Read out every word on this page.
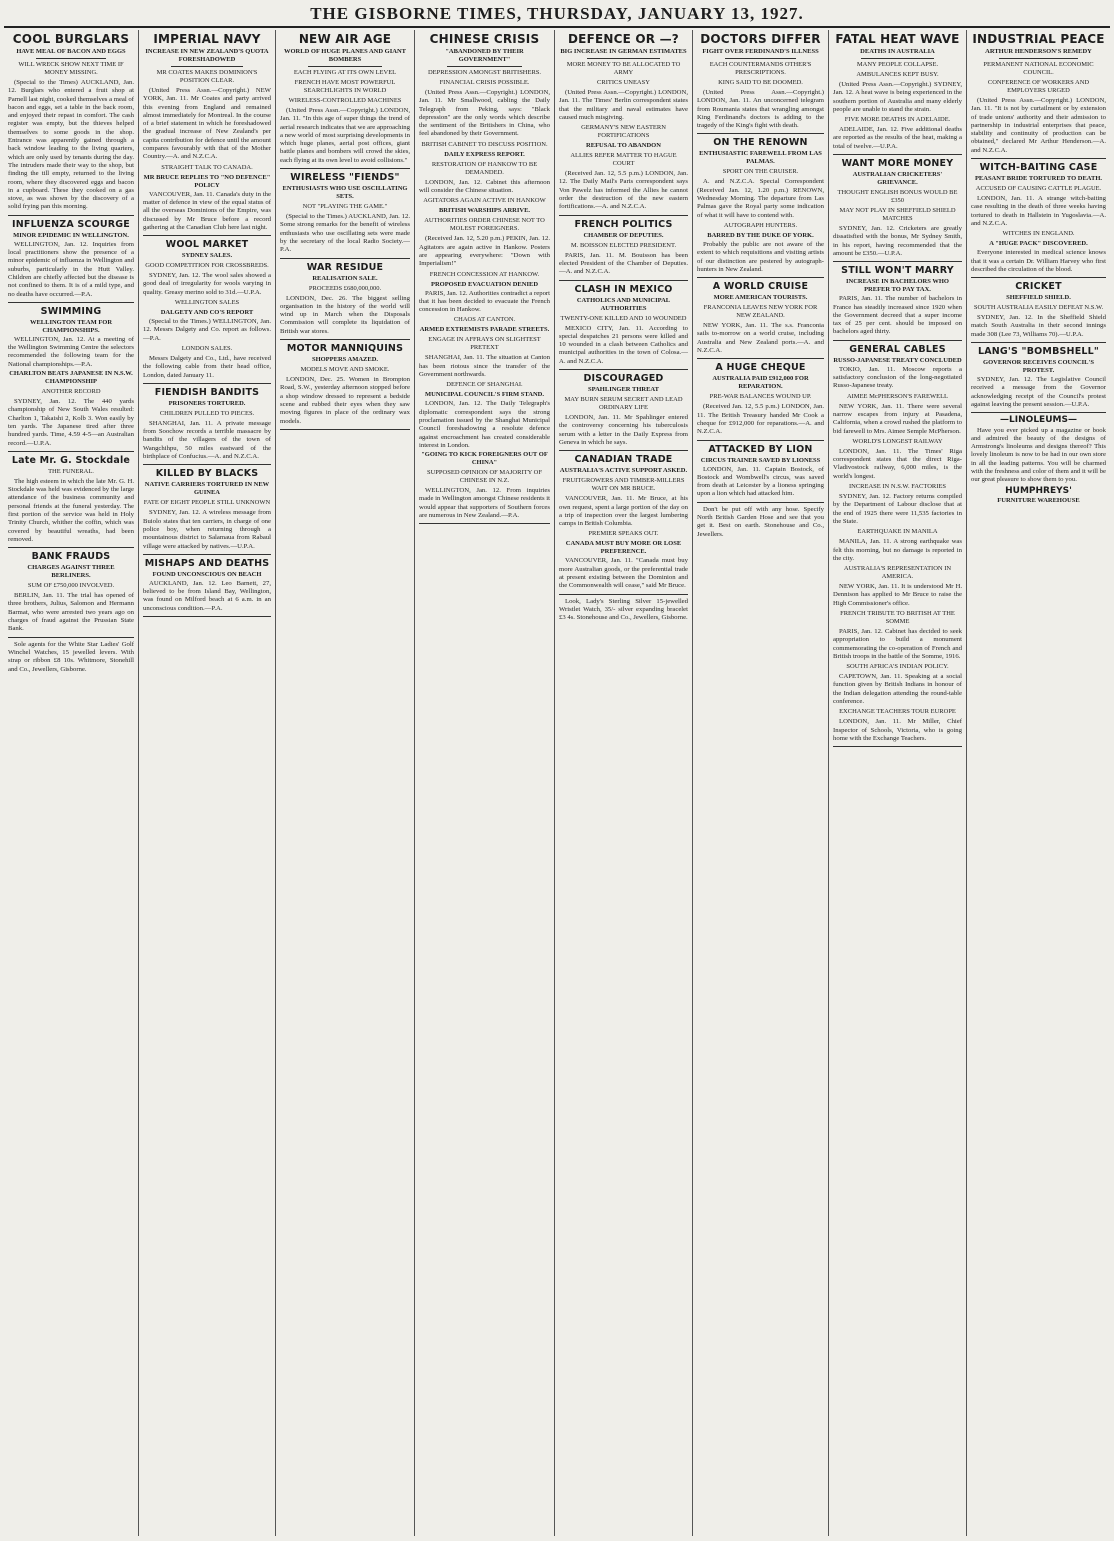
THE GISBORNE TIMES, THURSDAY, JANUARY 13, 1927.
COOL BURGLARS
HAVE MEAL OF BACON AND EGGS
WILL WRECK SHOW NEXT TIME IF MONEY MISSING.

(Special to the Times) AUCKLAND, Jan. 12. Burglars who entered a fruit shop at Parnell last night, cooked themselves a meal of bacon and eggs, set a table in the back room, and enjoyed their repast in comfort. The cash register was empty, but the thieves helped themselves to some goods in the shop. Entrance was apparently gained through a back window leading to the living quarters, which are only used by tenants during the day. The intruders made their way to the shop, but finding the till empty, returned to the living room, where they discovered eggs and bacon in a cupboard. These they cooked on a gas stove, as was shown by the discovery of a solid frying pan this morning.

INFLUENZA SCOURGE
MINOR EPIDEMIC IN WELLINGTON.

WELLINGTON, Jan. 12. Inquiries from local practitioners show the presence of a minor epidemic of influenza in Wellington and suburbs, particularly in the Hutt Valley. Children are chiefly affected but the disease is not confined to them. It is of a mild type, and no deaths have occurred.—P.A.

SWIMMING
WELLINGTON TEAM FOR CHAMPIONSHIPS.

WELLINGTON, Jan. 12. At a meeting of the Wellington Swimming Centre the selectors recommended the following team for the National championships.—P.A.

CHARLTON BEATS JAPANESE IN N.S.W. CHAMPIONSHIP
ANOTHER RECORD

SYDNEY, Jan. 12. The 440 yards championship of New South Wales resulted: Charlton 1, Takaishi 2, Kolb 3. Won easily by ten yards. The Japanese tired after three hundred yards. Time, 4.59 4-5—an Australian record.—U.P.A.

Late Mr. G. Stockdale
THE FUNERAL.

The high esteem in which the late Mr. G. H. Stockdale was held was evidenced by the large attendance of the business community and personal friends at the funeral yesterday. The first portion of the service was held in Holy Trinity Church, whither the coffin, which was covered by beautiful wreaths, had been removed.

BANK FRAUDS
CHARGES AGAINST THREE BERLINERS.
SUM OF £750,000 INVOLVED.

BERLIN, Jan. 11. The trial has opened of three brothers, Julius, Salomon and Hermann Barmat, who were arrested two years ago on charges of fraud against the Prussian State Bank.

Sole agents for the White Star Ladies' Golf Winchel Watches, 15 jewelled levers. With strap or ribbon £8 10s. Whitmore, Stonehill and Co., Jewellers, Gisborne.

IMPERIAL NAVY
INCREASE IN NEW ZEALAND'S QUOTA FORESHADOWED
MR COATES MAKES DOMINION'S POSITION CLEAR.

(United Press Assn.—Copyright.) NEW YORK, Jan. 11. Mr Coates and party arrived this evening from England and remained almost immediately for Montreal. In the course of a brief statement in which he foreshadowed the gradual increase of New Zealand's per capita contribution for defence until the amount compares favourably with that of the Mother Country.—A. and N.Z.C.A.

STRAIGHT TALK TO CANADA.
MR BRUCE REPLIES TO "NO DEFENCE" POLICY

VANCOUVER, Jan. 11. Canada's duty in the matter of defence in view of the equal status of all the overseas Dominions of the Empire, was discussed by Mr Bruce before a record gathering at the Canadian Club here last night.

WOOL MARKET
SYDNEY SALES.
GOOD COMPETITION FOR CROSSBREDS.

SYDNEY, Jan. 12. The wool sales showed a good deal of irregularity for wools varying in quality. Greasy merino sold to 31d.—U.P.A.

WELLINGTON SALES
DALGETY AND CO'S REPORT

(Special to the Times.) WELLINGTON, Jan. 12. Messrs Dalgety and Co. report as follows.—P.A.

LONDON SALES.

Messrs Dalgety and Co., Ltd., have received the following cable from their head office, London, dated January 11.

FIENDISH BANDITS
PRISONERS TORTURED.
CHILDREN PULLED TO PIECES.

SHANGHAI, Jan. 11. A private message from Soochow records a terrible massacre by bandits of the villagers of the town of Wangchihpu, 50 miles eastward of the birthplace of Confucius.—A. and N.Z.C.A.

KILLED BY BLACKS
NATIVE CARRIERS TORTURED IN NEW GUINEA
FATE OF EIGHT PEOPLE STILL UNKNOWN

SYDNEY, Jan. 12. A wireless message from Buiolo states that ten carriers, in charge of one police boy, when returning through a mountainous district to Salamaua from Rabaul village were attacked by natives.—U.P.A.

MISHAPS AND DEATHS
FOUND UNCONSCIOUS ON BEACH

AUCKLAND, Jan. 12. Leo Barnett, 27, believed to be from Island Bay, Wellington, was found on Milford beach at 6 a.m. in an unconscious condition.—P.A.

NEW AIR AGE
WORLD OF HUGE PLANES AND GIANT BOMBERS
EACH FLYING AT ITS OWN LEVEL
FRENCH HAVE MOST POWERFUL SEARCHLIGHTS IN WORLD
WIRELESS-CONTROLLED MACHINES

(United Press Assn.—Copyright.) LONDON, Jan. 11. "In this age of super things the trend of aerial research indicates that we are approaching a new world of most surprising developments in which huge planes, aerial post offices, giant battle planes and bombers will crowd the skies, each flying at its own level to avoid collisions."

WIRELESS "FIENDS"
ENTHUSIASTS WHO USE OSCILLATING SETS.
NOT "PLAYING THE GAME."

(Special to the Times.) AUCKLAND, Jan. 12. Some strong remarks for the benefit of wireless enthusiasts who use oscillating sets were made by the secretary of the local Radio Society.—P.A.

WAR RESIDUE
REALISATION SALE.
PROCEEDS £680,000,000.

LONDON, Dec. 26. The biggest selling organisation in the history of the world will wind up in March when the Disposals Commission will complete its liquidation of British war stores.

MOTOR MANNIQUINS
SHOPPERS AMAZED.
MODELS MOVE AND SMOKE.

LONDON, Dec. 25. Women in Brompton Road, S.W., yesterday afternoon stopped before a shop window dressed to represent a bedside scene and rubbed their eyes when they saw moving figures in place of the ordinary wax models.

CHINESE CRISIS
"ABANDONED BY THEIR GOVERNMENT"
DEPRESSION AMONGST BRITISHERS.
FINANCIAL CRISIS POSSIBLE.

(United Press Assn.—Copyright.) LONDON, Jan. 11. Mr Smallwood, cabling the Daily Telegraph from Peking, says: "Black depression" are the only words which describe the sentiment of the Britishers in China, who feel abandoned by their Government.

BRITISH CABINET TO DISCUSS POSITION.
DAILY EXPRESS REPORT.
RESTORATION OF HANKOW TO BE DEMANDED.

LONDON, Jan. 12. Cabinet this afternoon will consider the Chinese situation.

AGITATORS AGAIN ACTIVE IN HANKOW
BRITISH WARSHIPS ARRIVE.
AUTHORITIES ORDER CHINESE NOT TO MOLEST FOREIGNERS.

(Received Jan. 12, 5.20 p.m.) PEKIN, Jan. 12. Agitators are again active in Hankow. Posters are appearing everywhere: "Down with Imperialism!"

FRENCH CONCESSION AT HANKOW.
PROPOSED EVACUATION DENIED

PARIS, Jan. 12. Authorities contradict a report that it has been decided to evacuate the French concession in Hankow.

CHAOS AT CANTON.
ARMED EXTREMISTS PARADE STREETS.
ENGAGE IN AFFRAYS ON SLIGHTEST PRETEXT

SHANGHAI, Jan. 11. The situation at Canton has been riotous since the transfer of the Government northwards.

DEFENCE OF SHANGHAI.
MUNICIPAL COUNCIL'S FIRM STAND.

LONDON, Jan. 12. The Daily Telegraph's diplomatic correspondent says the strong proclamation issued by the Shanghai Municipal Council foreshadowing a resolute defence against encroachment has created considerable interest in London.

"GOING TO KICK FOREIGNERS OUT OF CHINA"
SUPPOSED OPINION OF MAJORITY OF CHINESE IN N.Z.

WELLINGTON, Jan. 12. From inquiries made in Wellington amongst Chinese residents it would appear that supporters of Southern forces are numerous in New Zealand.—P.A.

DEFENCE OR —?
BIG INCREASE IN GERMAN ESTIMATES
MORE MONEY TO BE ALLOCATED TO ARMY
CRITICS UNEASY

(United Press Assn.—Copyright.) LONDON, Jan. 11. The Times' Berlin correspondent states that the military and naval estimates have caused much misgiving.

GERMANY'S NEW EASTERN FORTIFICATIONS
REFUSAL TO ABANDON
ALLIES REFER MATTER TO HAGUE COURT

(Received Jan. 12, 5.5 p.m.) LONDON, Jan. 12. The Daily Mail's Paris correspondent says Von Pawelz has informed the Allies he cannot order the destruction of the new eastern fortifications.—A. and N.Z.C.A.

FRENCH POLITICS
CHAMBER OF DEPUTIES.
M. BOISSON ELECTED PRESIDENT.

PARIS, Jan. 11. M. Bouisson has been elected President of the Chamber of Deputies.—A. and N.Z.C.A.

CLASH IN MEXICO
CATHOLICS AND MUNICIPAL AUTHORITIES
TWENTY-ONE KILLED AND 10 WOUNDED

MEXICO CITY, Jan. 11. According to special despatches 21 persons were killed and 10 wounded in a clash between Catholics and municipal authorities in the town of Colosa.—A. and N.Z.C.A.

DISCOURAGED
SPAHLINGER THREAT
MAY BURN SERUM SECRET AND LEAD ORDINARY LIFE

LONDON, Jan. 11. Mr Spahlinger entered the controversy concerning his tuberculosis serum with a letter in the Daily Express from Geneva in which he says.

CANADIAN TRADE
AUSTRALIA'S ACTIVE SUPPORT ASKED.
FRUITGROWERS AND TIMBER-MILLERS WAIT ON MR BRUCE.

VANCOUVER, Jan. 11. Mr Bruce, at his own request, spent a large portion of the day on a trip of inspection over the largest lumbering camps in British Columbia.

PREMIER SPEAKS OUT.
CANADA MUST BUY MORE OR LOSE PREFERENCE.

VANCOUVER, Jan. 11. "Canada must buy more Australian goods, or the preferential trade at present existing between the Dominion and the Commonwealth will cease," said Mr Bruce.

Look, Lady's Sterling Silver 15-jewelled Wristlet Watch, 35/- silver expanding bracelet £3 4s. Stonehouse and Co., Jewellers, Gisborne.

DOCTORS DIFFER
FIGHT OVER FERDINAND'S ILLNESS
EACH COUNTERMANDS OTHER'S PRESCRIPTIONS.
KING SAID TO BE DOOMED.

(United Press Assn.—Copyright.) LONDON, Jan. 11. An unconcerned telegram from Roumania states that wrangling amongst King Ferdinand's doctors is adding to the tragedy of the King's fight with death.

ON THE RENOWN
ENTHUSIASTIC FAREWELL FROM LAS PALMAS.
SPORT ON THE CRUISER.

A. and N.Z.C.A. Special Correspondent (Received Jan. 12, 1.20 p.m.) RENOWN, Wednesday Morning. The departure from Las Palmas gave the Royal party some indication of what it will have to contend with.

AUTOGRAPH HUNTERS.
BARRED BY THE DUKE OF YORK.

Probably the public are not aware of the extent to which requisitions and visiting artists of our distinction are pestered by autograph-hunters in New Zealand.

A WORLD CRUISE
MORE AMERICAN TOURISTS.
FRANCONIA LEAVES NEW YORK FOR NEW ZEALAND.

NEW YORK, Jan. 11. The s.s. Franconia sails to-morrow on a world cruise, including Australia and New Zealand ports.—A. and N.Z.C.A.

A HUGE CHEQUE
AUSTRALIA PAID £912,000 FOR REPARATION.
PRE-WAR BALANCES WOUND UP.

(Received Jan. 12, 5.5 p.m.) LONDON, Jan. 11. The British Treasury handed Mr Cook a cheque for £912,000 for reparations.—A. and N.Z.C.A.

ATTACKED BY LION
CIRCUS TRAINER SAVED BY LIONESS

LONDON, Jan. 11. Captain Bostock, of Bostock and Wombwell's circus, was saved from death at Leicester by a lioness springing upon a lion which had attacked him.

Don't be put off with any hose. Specify North British Garden Hose and see that you get it. Best on earth. Stonehouse and Co., Jewellers.

FATAL HEAT WAVE
DEATHS IN AUSTRALIA
MANY PEOPLE COLLAPSE.
AMBULANCES KEPT BUSY.

(United Press Assn.—Copyright.) SYDNEY, Jan. 12. A heat wave is being experienced in the southern portion of Australia and many elderly people are unable to stand the strain.

FIVE MORE DEATHS IN ADELAIDE.

ADELAIDE, Jan. 12. Five additional deaths are reported as the results of the heat, making a total of twelve.—U.P.A.

WANT MORE MONEY
AUSTRALIAN CRICKETERS' GRIEVANCE.
THOUGHT ENGLISH BONUS WOULD BE £350
MAY NOT PLAY IN SHEFFIELD SHIELD MATCHES

SYDNEY, Jan. 12. Cricketers are greatly dissatisfied with the bonus, Mr Sydney Smith, in his report, having recommended that the amount be £350.—U.P.A.

STILL WON'T MARRY
INCREASE IN BACHELORS WHO PREFER TO PAY TAX.

PARIS, Jan. 11. The number of bachelors in France has steadily increased since 1920 when the Government decreed that a super income tax of 25 per cent. should be imposed on bachelors aged thirty.

GENERAL CABLES
RUSSO-JAPANESE TREATY CONCLUDED

TOKIO, Jan. 11. Moscow reports a satisfactory conclusion of the long-negotiated Russo-Japanese treaty.

AIMEE McPHERSON'S FAREWELL

NEW YORK, Jan. 11. There were several narrow escapes from injury at Pasadena, California, when a crowd rushed the platform to bid farewell to Mrs. Aimee Semple McPherson.

WORLD'S LONGEST RAILWAY

LONDON, Jan. 11. The Times' Riga correspondent states that the direct Riga-Vladivostock railway, 6,000 miles, is the world's longest.

INCREASE IN N.S.W. FACTORIES

SYDNEY, Jan. 12. Factory returns compiled by the Department of Labour disclose that at the end of 1925 there were 11,535 factories in the State.

EARTHQUAKE IN MANILA

MANILA, Jan. 11. A strong earthquake was felt this morning, but no damage is reported in the city.

AUSTRALIA'S REPRESENTATION IN AMERICA.

NEW YORK, Jan. 11. It is understood Mr H. Dennison has applied to Mr Bruce to raise the High Commissioner's office.

FRENCH TRIBUTE TO BRITISH AT THE SOMME

PARIS, Jan. 12. Cabinet has decided to seek appropriation to build a monument commemorating the co-operation of French and British troops in the battle of the Somme, 1916.

SOUTH AFRICA'S INDIAN POLICY.

CAPETOWN, Jan. 11. Speaking at a social function given by British Indians in honour of the Indian delegation attending the round-table conference.

EXCHANGE TEACHERS TOUR EUROPE

LONDON, Jan. 11. Mr Miller, Chief Inspector of Schools, Victoria, who is going home with the Exchange Teachers.

INDUSTRIAL PEACE
ARTHUR HENDERSON'S REMEDY
PERMANENT NATIONAL ECONOMIC COUNCIL.
CONFERENCE OF WORKERS AND EMPLOYERS URGED

(United Press Assn.—Copyright.) LONDON, Jan. 11. "It is not by curtailment or by extension of trade unions' authority and their admission to partnership in industrial enterprises that peace, stability and continuity of production can be obtained," declared Mr Arthur Henderson.—A. and N.Z.C.A.

WITCH-BAITING CASE
PEASANT BRIDE TORTURED TO DEATH.
ACCUSED OF CAUSING CATTLE PLAGUE.

LONDON, Jan. 11. A strange witch-baiting case resulting in the death of three weeks having tortured to death in Hallstein in Yugoslavia.—A. and N.Z.C.A.

WITCHES IN ENGLAND.
A "HUGE PACK" DISCOVERED.

Everyone interested in medical science knows that it was a certain Dr. William Harvey who first described the circulation of the blood.

CRICKET
SHEFFIELD SHIELD.
SOUTH AUSTRALIA EASILY DEFEAT N.S.W.

SYDNEY, Jan. 12. In the Sheffield Shield match South Australia in their second innings made 308 (Lee 73, Williams 70).—U.P.A.

LANG'S "BOMBSHELL"
GOVERNOR RECEIVES COUNCIL'S PROTEST.

SYDNEY, Jan. 12. The Legislative Council received a message from the Governor acknowledging receipt of the Council's protest against leaving the present session.—U.P.A.

—LINOLEUMS—

Have you ever picked up a magazine or book and admired the beauty of the designs of Armstrong's linoleums and designs thereof? This lovely linoleum is now to be had in our own store in all the leading patterns. You will be charmed with the freshness and color of them and it will be our great pleasure to show them to you.

HUMPHREYS'
FURNITURE WAREHOUSE
